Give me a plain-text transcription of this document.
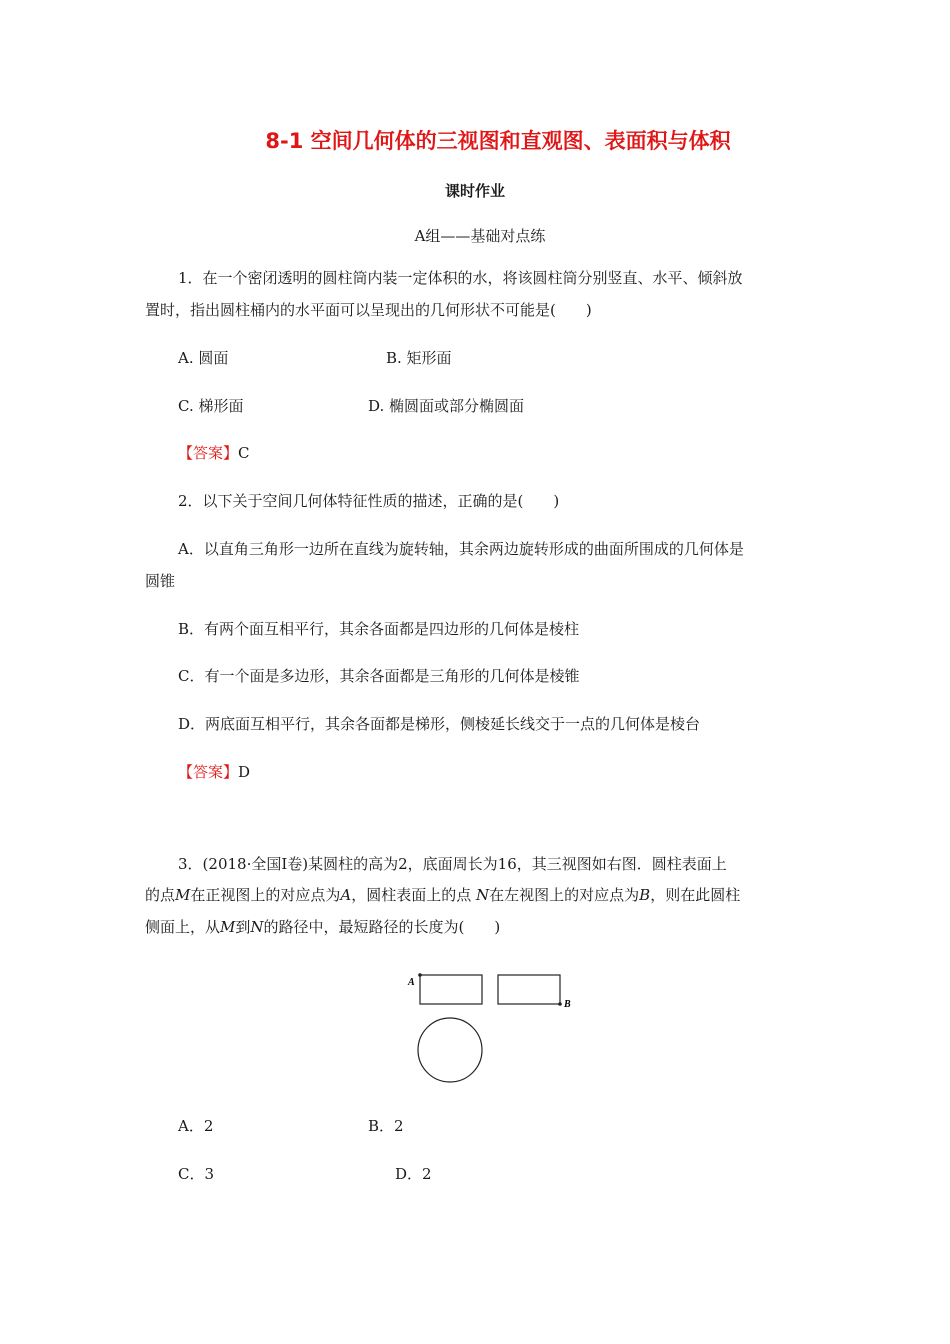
8-1 空间几何体的三视图和直观图、表面积与体积
课时作业
A组——基础对点练
1．在一个密闭透明的圆柱筒内装一定体积的水，将该圆柱筒分别竖直、水平、倾斜放
置时，指出圆柱桶内的水平面可以呈现出的几何形状不可能是(　　)
A. 圆面	B. 矩形面
C. 梯形面	D. 椭圆面或部分椭圆面
【答案】C
2．以下关于空间几何体特征性质的描述，正确的是(　　)
A．以直角三角形一边所在直线为旋转轴，其余两边旋转形成的曲面所围成的几何体是
圆锥
B．有两个面互相平行，其余各面都是四边形的几何体是棱柱
C．有一个面是多边形，其余各面都是三角形的几何体是棱锥
D．两底面互相平行，其余各面都是梯形，侧棱延长线交于一点的几何体是棱台
【答案】D
3．(2018·全国Ⅰ卷)某圆柱的高为2，底面周长为16，其三视图如右图．圆柱表面上
的点M在正视图上的对应点为A，圆柱表面上的点 N在左视图上的对应点为B，则在此圆柱
侧面上，从M到N的路径中，最短路径的长度为(　　)
A
B
A．2	B．2
C．3	D．2
